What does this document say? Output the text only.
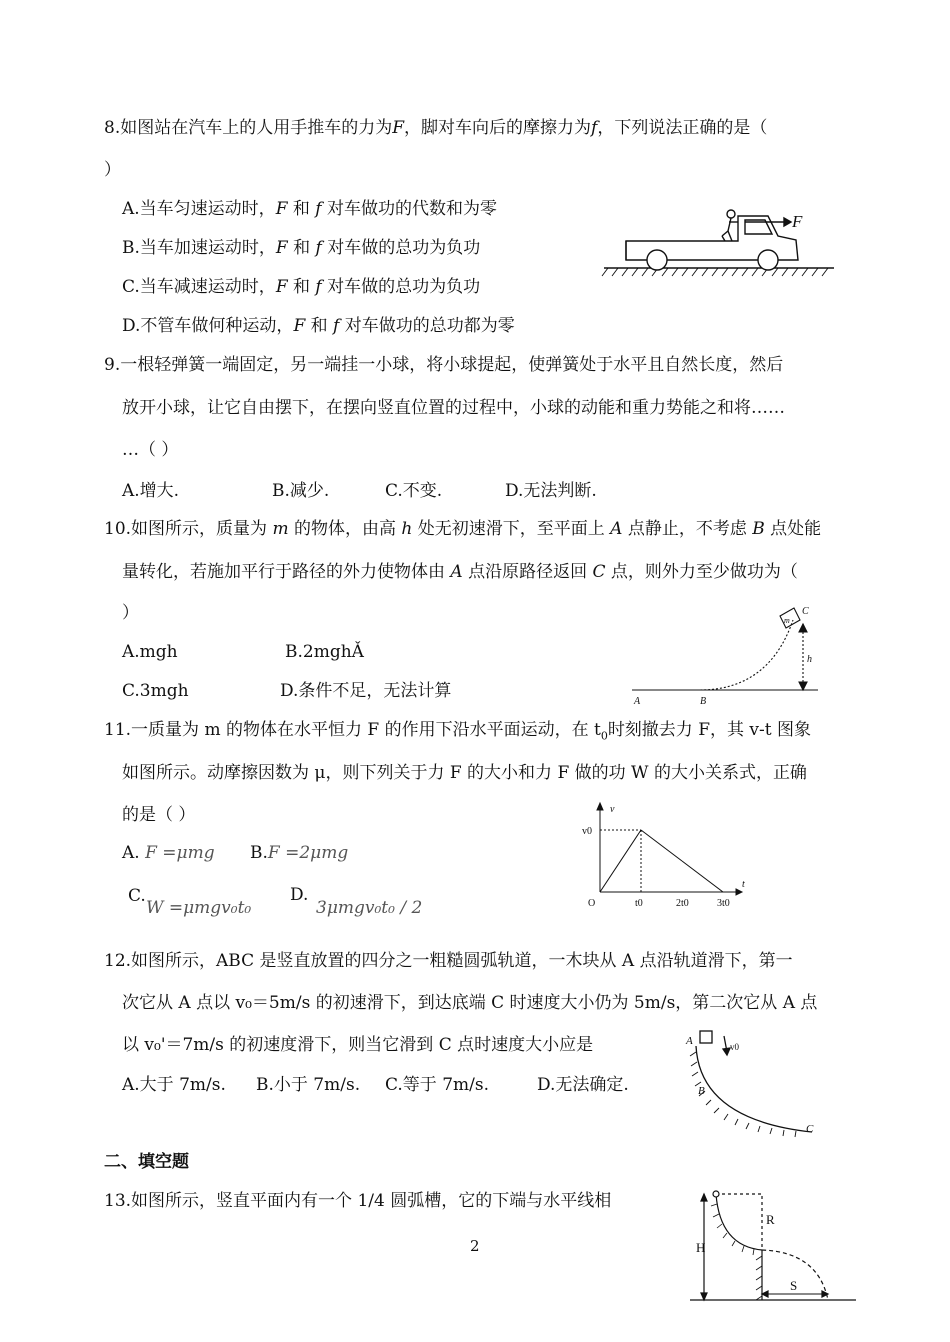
8.如图站在汽车上的人用手推车的力为F，脚对车向后的摩擦力为f，下列说法正确的是（
）
A.当车匀速运动时，F 和 f 对车做功的代数和为零
B.当车加速运动时，F 和 f 对车做的总功为负功
C.当车减速运动时，F 和 f 对车做的总功为负功
D.不管车做何种运动，F 和 f 对车做功的总功都为零
F
9.一根轻弹簧一端固定，另一端挂一小球，将小球提起，使弹簧处于水平且自然长度，然后
放开小球，让它自由摆下，在摆向竖直位置的过程中，小球的动能和重力势能之和将……
…（ ）
A.增大.	B.减少.	C.不变.	D.无法判断.
10.如图所示，质量为 m 的物体，由高 h 处无初速滑下，至平面上 A 点静止，不考虑 B 点处能
量转化，若施加平行于路径的外力使物体由 A 点沿原路径返回 C 点，则外力至少做功为（
）
A.mgh	B.2mghǍ
C.3mgh	D.条件不足，无法计算
A	B
C
h
m
11.一质量为 m 的物体在水平恒力 F 的作用下沿水平面运动，在 $t_0$时刻撤去力 F，其 v-t 图象
如图所示。动摩擦因数为 μ，则下列关于力 F 的大小和力 F 做的功 W 的大小关系式，正确
的是（ ）
A. F =μmg B.F =2μmg
C.
W =μmgv₀t₀
D.
3μmgv₀t₀ / 2
v
t
v0
O	t0	2t0	3t0
12.如图所示，ABC 是竖直放置的四分之一粗糙圆弧轨道，一木块从 A 点沿轨道滑下，第一
次它从 A 点以 v₀＝5m/s 的初速滑下，到达底端 C 时速度大小仍为 5m/s，第二次它从 A 点
以 v₀'＝7m/s 的初速度滑下，则当它滑到 C 点时速度大小应是
A.大于 7m/s. B.小于 7m/s. C.等于 7m/s.	D.无法确定.
A
B
C
v0
二、填空题
13.如图所示，竖直平面内有一个 1/4 圆弧槽，它的下端与水平线相
R
H
S
2
